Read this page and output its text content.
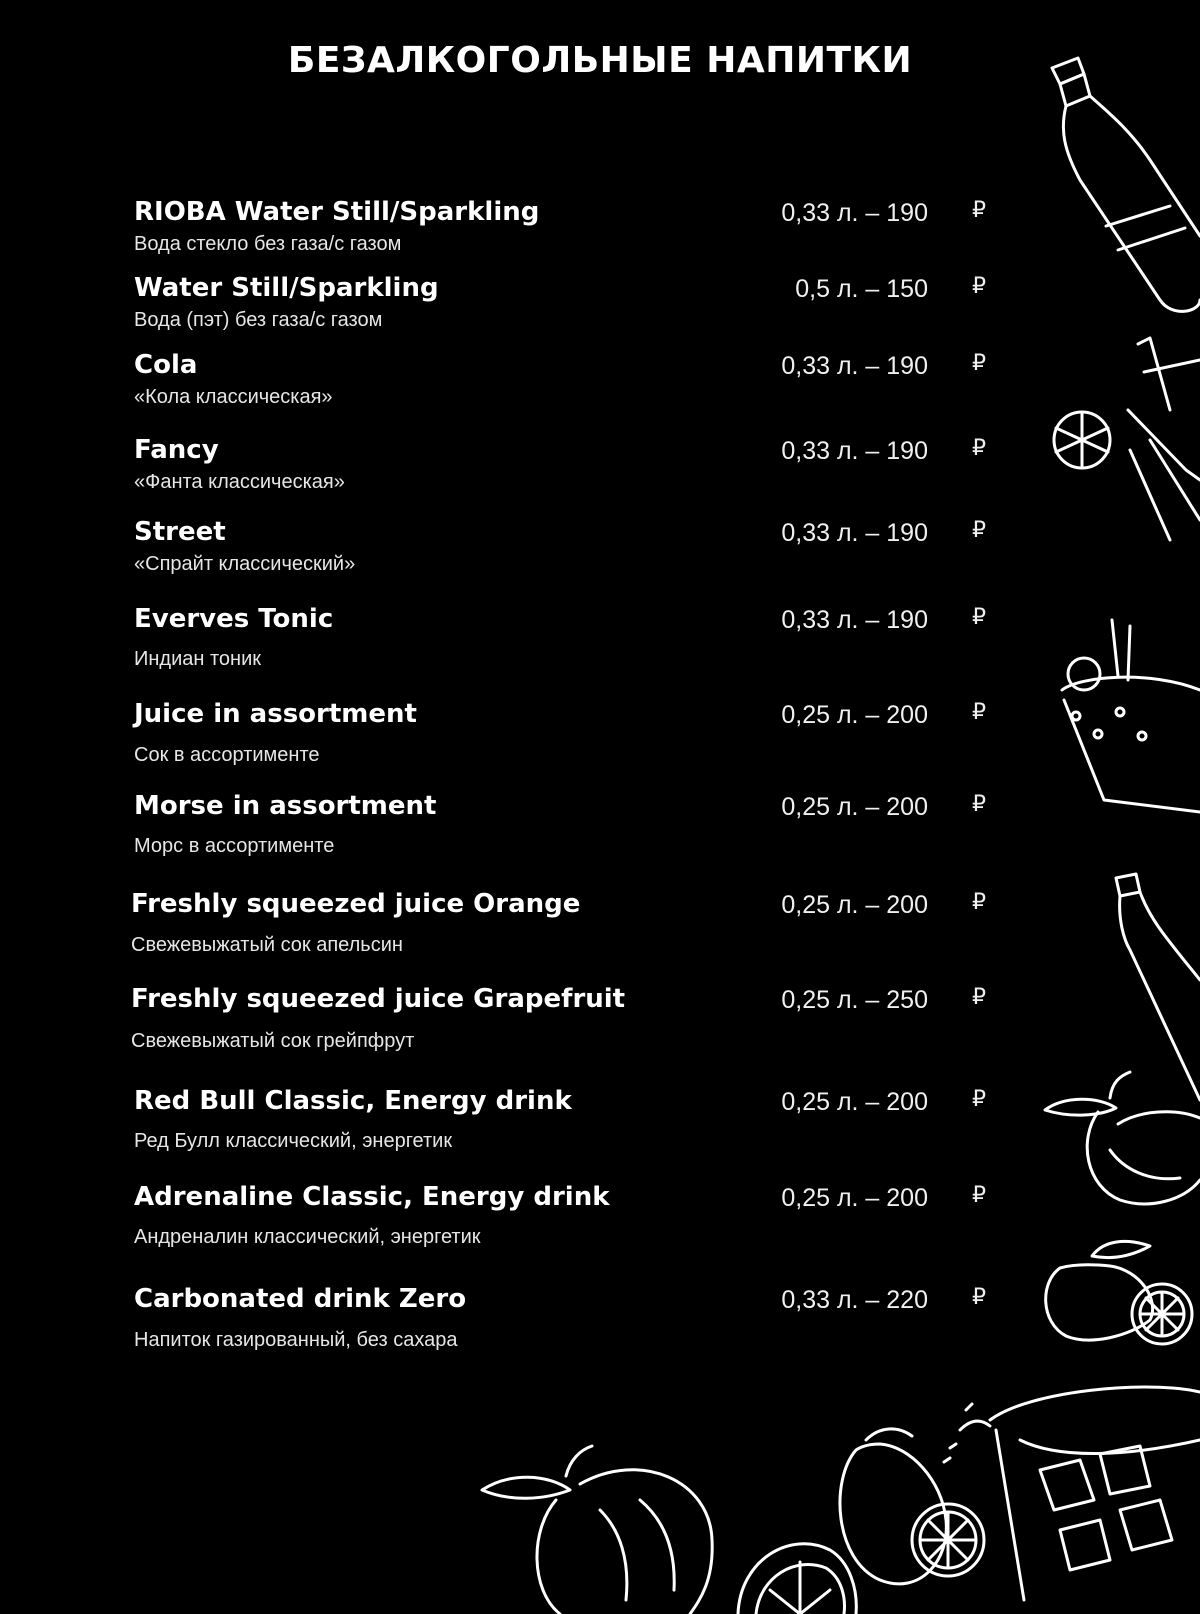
БЕЗАЛКОГОЛЬНЫЕ НАПИТКИ
RIOBA Water Still/Sparkling
Вода стекло без газа/с газом
0,33 л. – 190 ₽
Water Still/Sparkling
Вода (пэт) без газа/с газом
0,5 л. – 150 ₽
Cola
«Кола классическая»
0,33 л. – 190 ₽
Fancy
«Фанта классическая»
0,33 л. – 190 ₽
Street
«Спрайт классический»
0,33 л. – 190 ₽
Everves Tonic
Индиан тоник
0,33 л. – 190 ₽
Juice in assortment
Сок в ассортименте
0,25 л. – 200 ₽
Morse in assortment
Морс в ассортименте
0,25 л. – 200 ₽
Freshly squeezed juice Orange
Свежевыжатый сок апельсин
0,25 л. – 200 ₽
Freshly squeezed juice Grapefruit
Свежевыжатый сок грейпфрут
0,25 л. – 250 ₽
Red Bull Classic, Energy drink
Ред Булл классический, энергетик
0,25 л. – 200 ₽
Adrenaline Classic, Energy drink
Андреналин классический, энергетик
0,25 л. – 200 ₽
Carbonated drink Zero
Напиток газированный, без сахара
0,33 л. – 220 ₽
